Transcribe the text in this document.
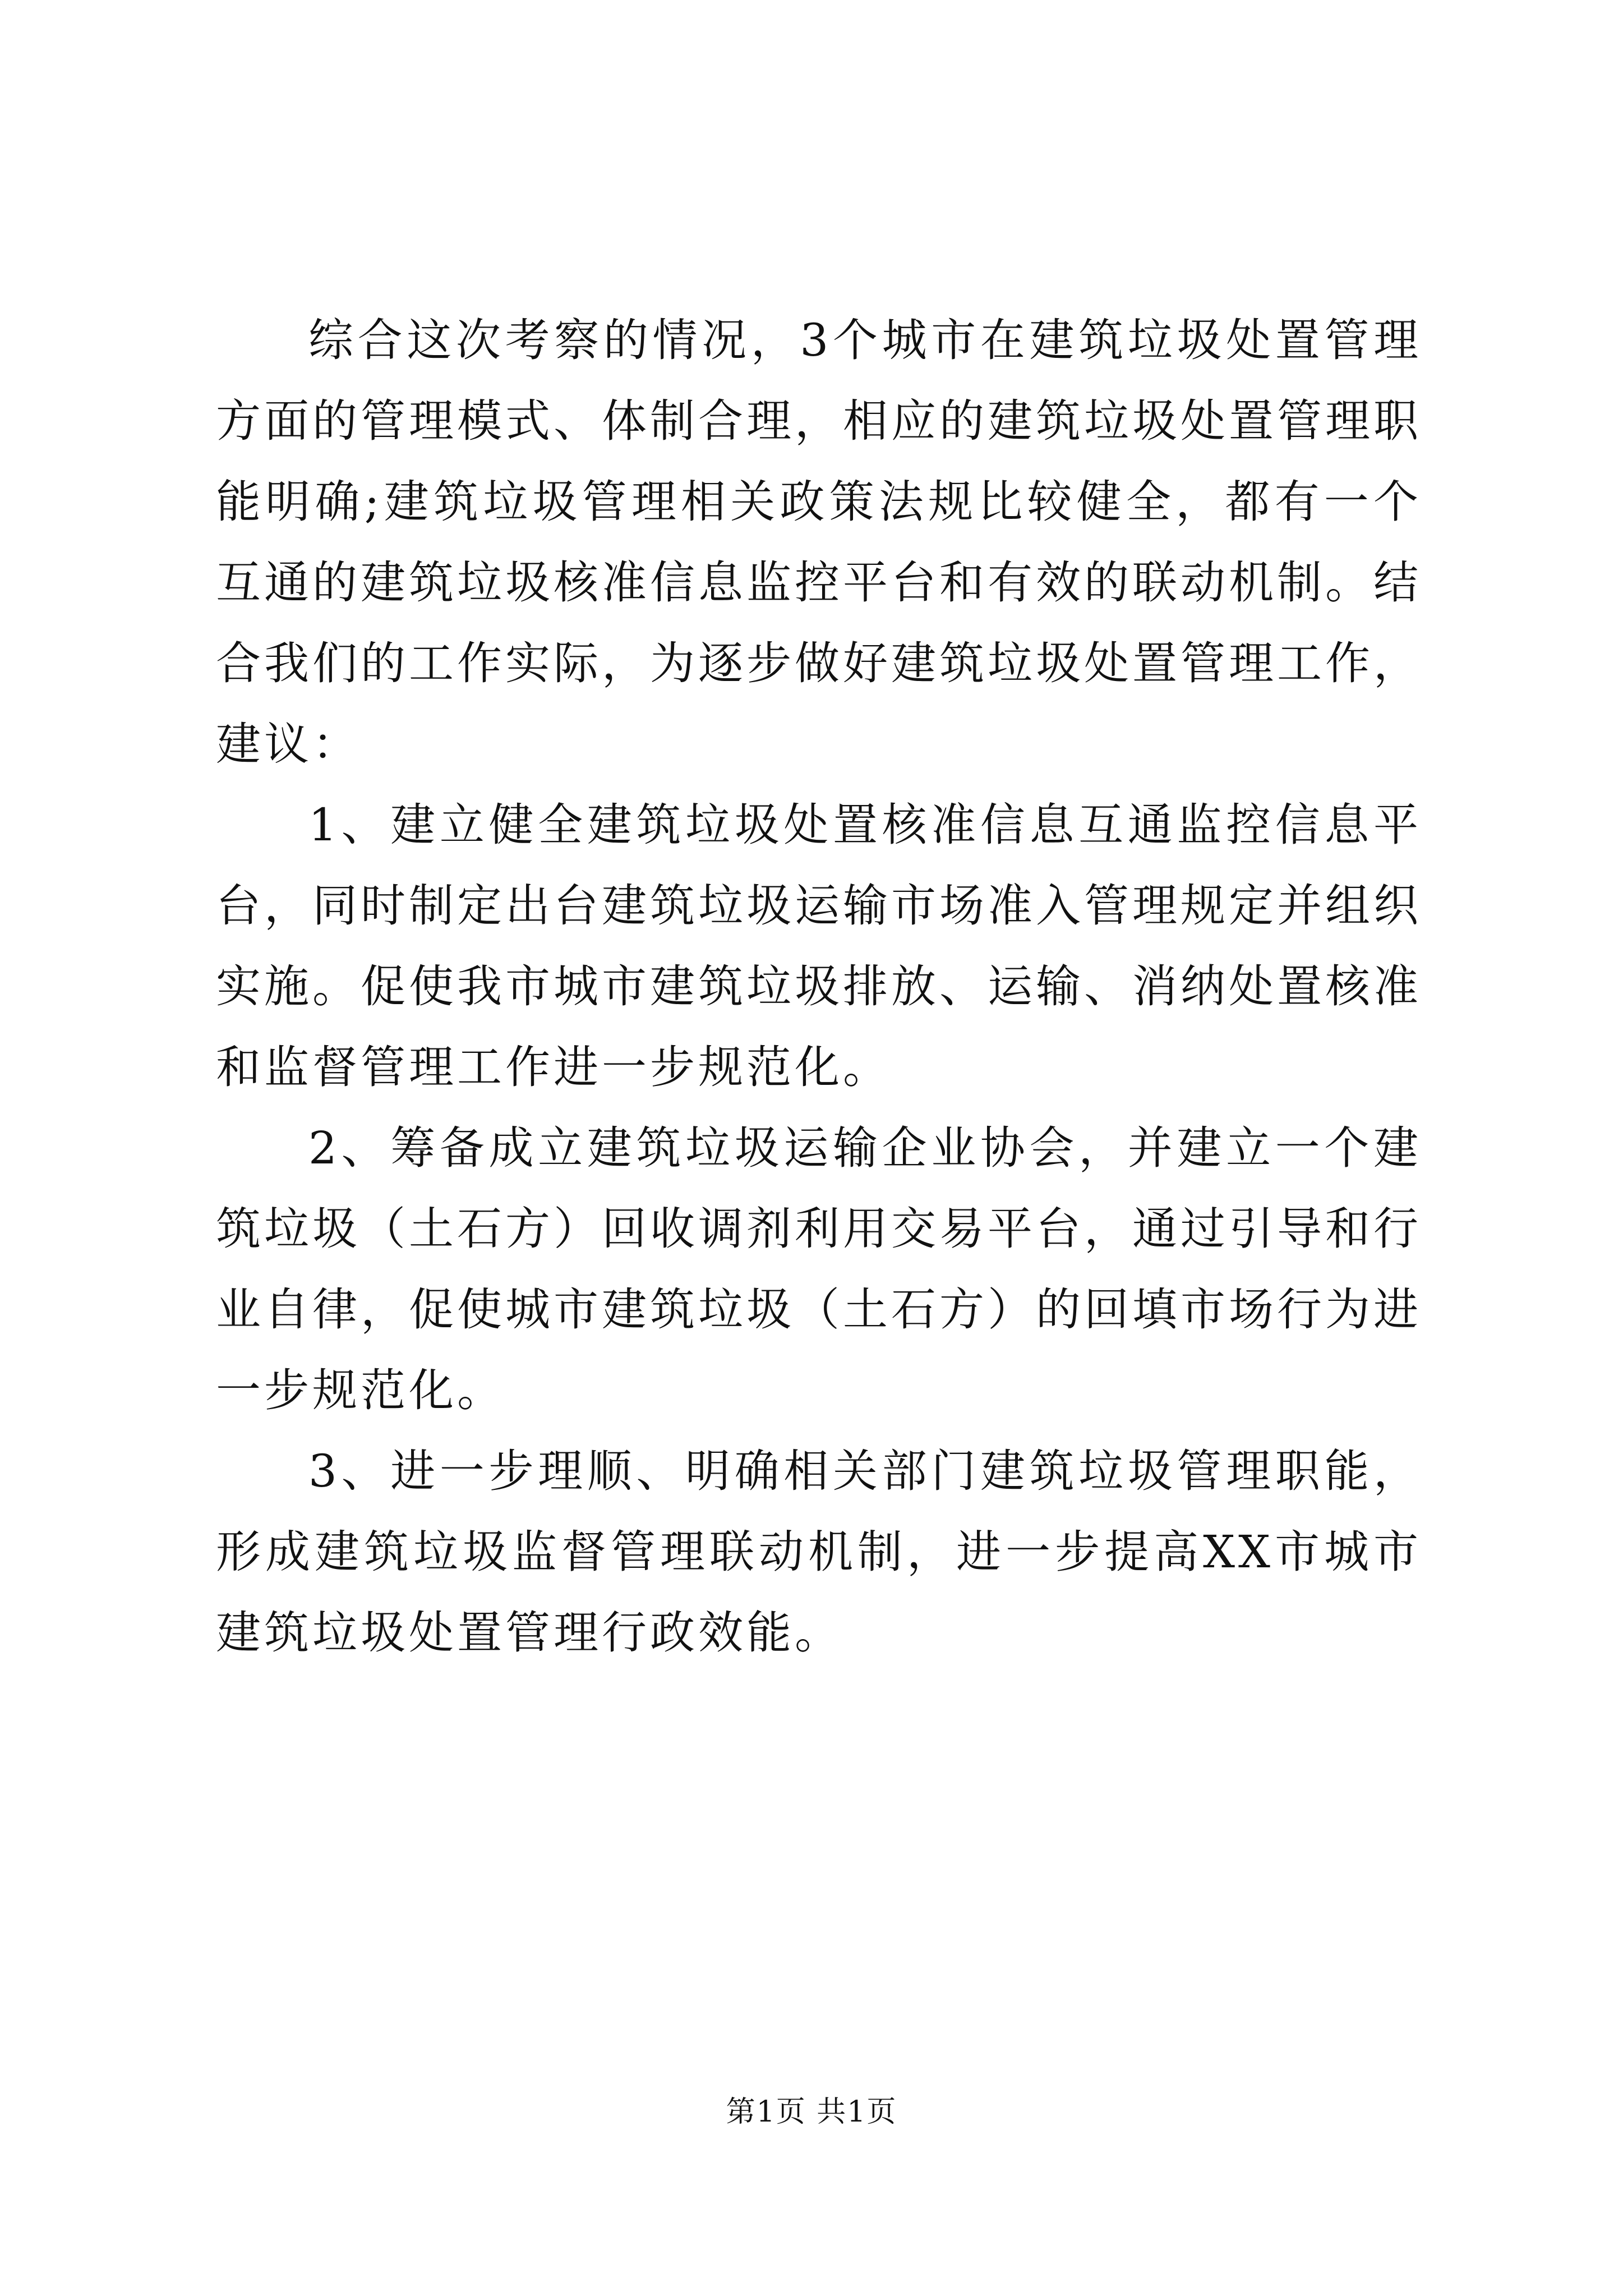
综合这次考察的情况，3个城市在建筑垃圾处置管理方面的管理模式、体制合理，相应的建筑垃圾处置管理职能明确;建筑垃圾管理相关政策法规比较健全，都有一个互通的建筑垃圾核准信息监控平台和有效的联动机制。结合我们的工作实际，为逐步做好建筑垃圾处置管理工作，建议：

1、建立健全建筑垃圾处置核准信息互通监控信息平台，同时制定出台建筑垃圾运输市场准入管理规定并组织实施。促使我市城市建筑垃圾排放、运输、消纳处置核准和监督管理工作进一步规范化。

2、筹备成立建筑垃圾运输企业协会，并建立一个建筑垃圾（土石方）回收调剂利用交易平台，通过引导和行业自律，促使城市建筑垃圾（土石方）的回填市场行为进一步规范化。

3、进一步理顺、明确相关部门建筑垃圾管理职能，形成建筑垃圾监督管理联动机制，进一步提高XX市城市建筑垃圾处置管理行政效能。

第1页 共1页
